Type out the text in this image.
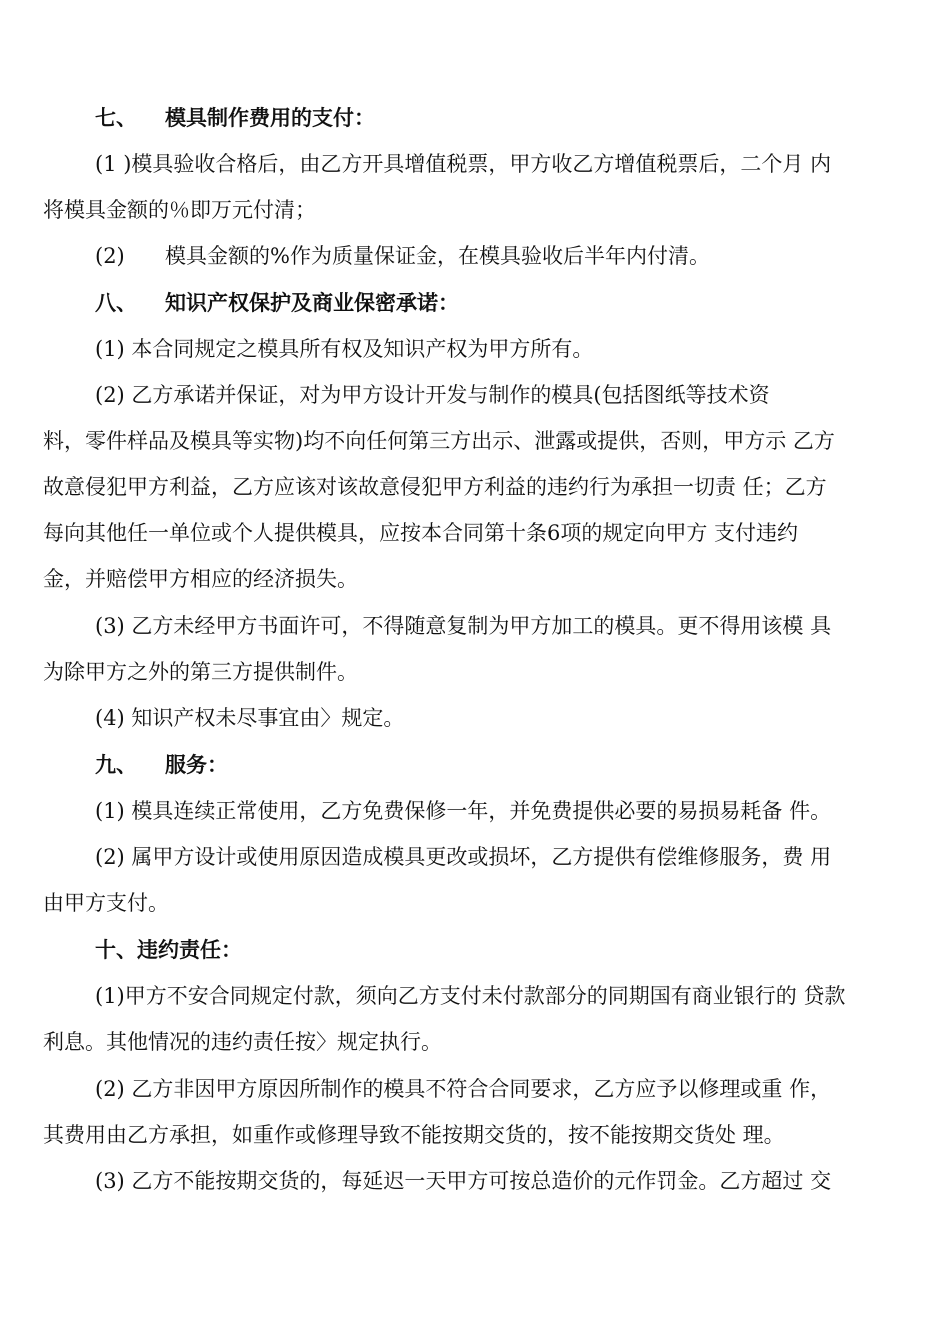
七、 模具制作费用的支付：
(1 )模具验收合格后，由乙方开具增值税票，甲方收乙方增值税票后，二个月 内
将模具金额的％即万元付清；
(2) 模具金额的%作为质量保证金，在模具验收后半年内付清。
八、 知识产权保护及商业保密承诺：
(1) 本合同规定之模具所有权及知识产权为甲方所有。
(2) 乙方承诺并保证，对为甲方设计开发与制作的模具(包括图纸等技术资
料，零件样品及模具等实物)均不向任何第三方出示、泄露或提供，否则，甲方示 乙方
故意侵犯甲方利益，乙方应该对该故意侵犯甲方利益的违约行为承担一切责 任；乙方
每向其他任一单位或个人提供模具，应按本合同第十条6项的规定向甲方 支付违约
金，并赔偿甲方相应的经济损失。
(3) 乙方未经甲方书面许可，不得随意复制为甲方加工的模具。更不得用该模 具
为除甲方之外的第三方提供制件。
(4) 知识产权未尽事宜由〉规定。
九、 服务：
(1) 模具连续正常使用，乙方免费保修一年，并免费提供必要的易损易耗备 件。
(2) 属甲方设计或使用原因造成模具更改或损坏，乙方提供有偿维修服务，费 用
由甲方支付。
十、违约责任：
(1)甲方不安合同规定付款，须向乙方支付未付款部分的同期国有商业银行的 贷款
利息。其他情况的违约责任按〉规定执行。
(2) 乙方非因甲方原因所制作的模具不符合合同要求，乙方应予以修理或重 作，
其费用由乙方承担，如重作或修理导致不能按期交货的，按不能按期交货处 理。
(3) 乙方不能按期交货的，每延迟一天甲方可按总造价的元作罚金。乙方超过 交
